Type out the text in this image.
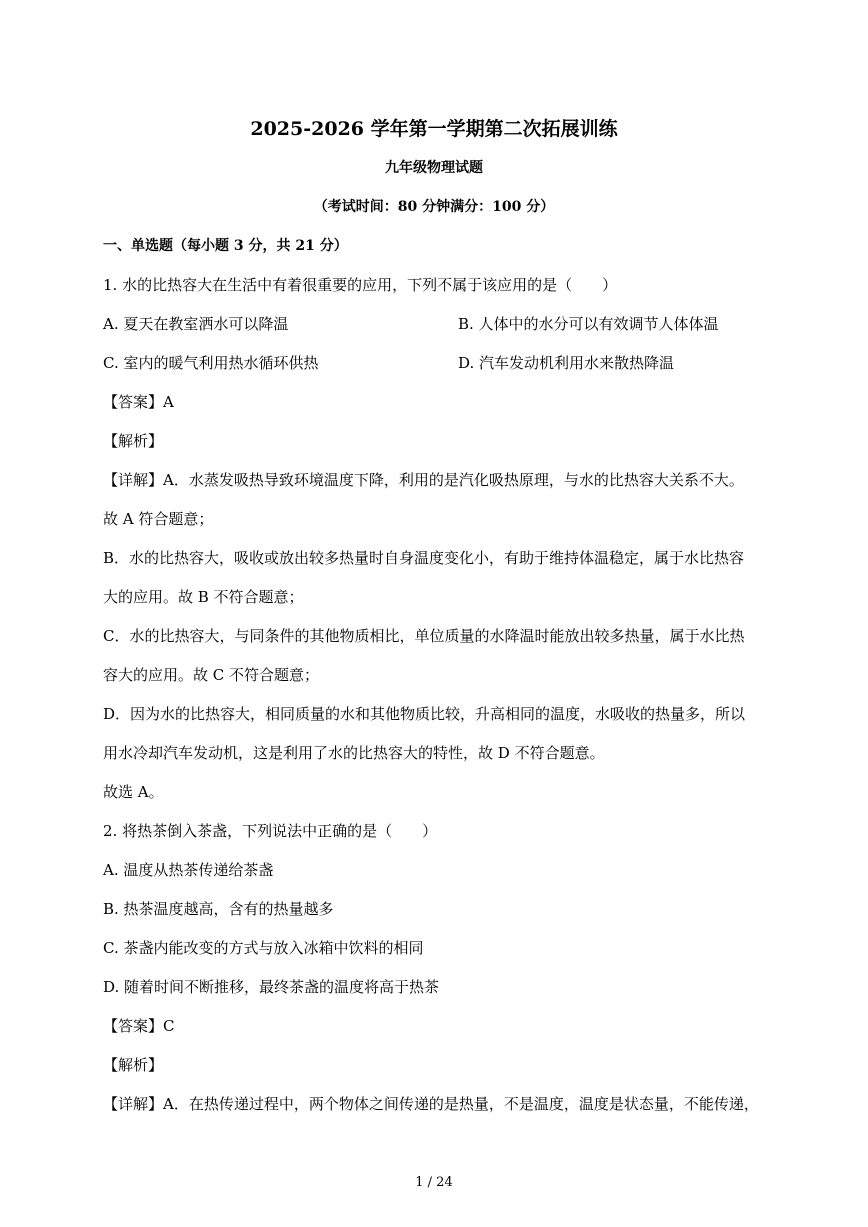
2025-2026 学年第一学期第二次拓展训练
九年级物理试题
（考试时间：80 分钟满分：100 分）
一、单选题（每小题 3 分，共 21 分）
1. 水的比热容大在生活中有着很重要的应用，下列不属于该应用的是（　　）
A. 夏天在教室洒水可以降温	B. 人体中的水分可以有效调节人体体温
C. 室内的暖气利用热水循环供热	D. 汽车发动机利用水来散热降温
【答案】A
【解析】
【详解】A．水蒸发吸热导致环境温度下降，利用的是汽化吸热原理，与水的比热容大关系不大。
故 A 符合题意；
B．水的比热容大，吸收或放出较多热量时自身温度变化小，有助于维持体温稳定，属于水比热容
大的应用。故 B 不符合题意；
C．水的比热容大，与同条件的其他物质相比，单位质量的水降温时能放出较多热量，属于水比热
容大的应用。故 C 不符合题意；
D．因为水的比热容大，相同质量的水和其他物质比较，升高相同的温度，水吸收的热量多，所以
用水冷却汽车发动机，这是利用了水的比热容大的特性，故 D 不符合题意。
故选 A。
2. 将热茶倒入茶盏，下列说法中正确的是（　　）
A. 温度从热茶传递给茶盏
B. 热茶温度越高，含有的热量越多
C. 茶盏内能改变的方式与放入冰箱中饮料的相同
D. 随着时间不断推移，最终茶盏的温度将高于热茶
【答案】C
【解析】
【详解】A．在热传递过程中，两个物体之间传递的是热量，不是温度，温度是状态量，不能传递，
1 / 24
